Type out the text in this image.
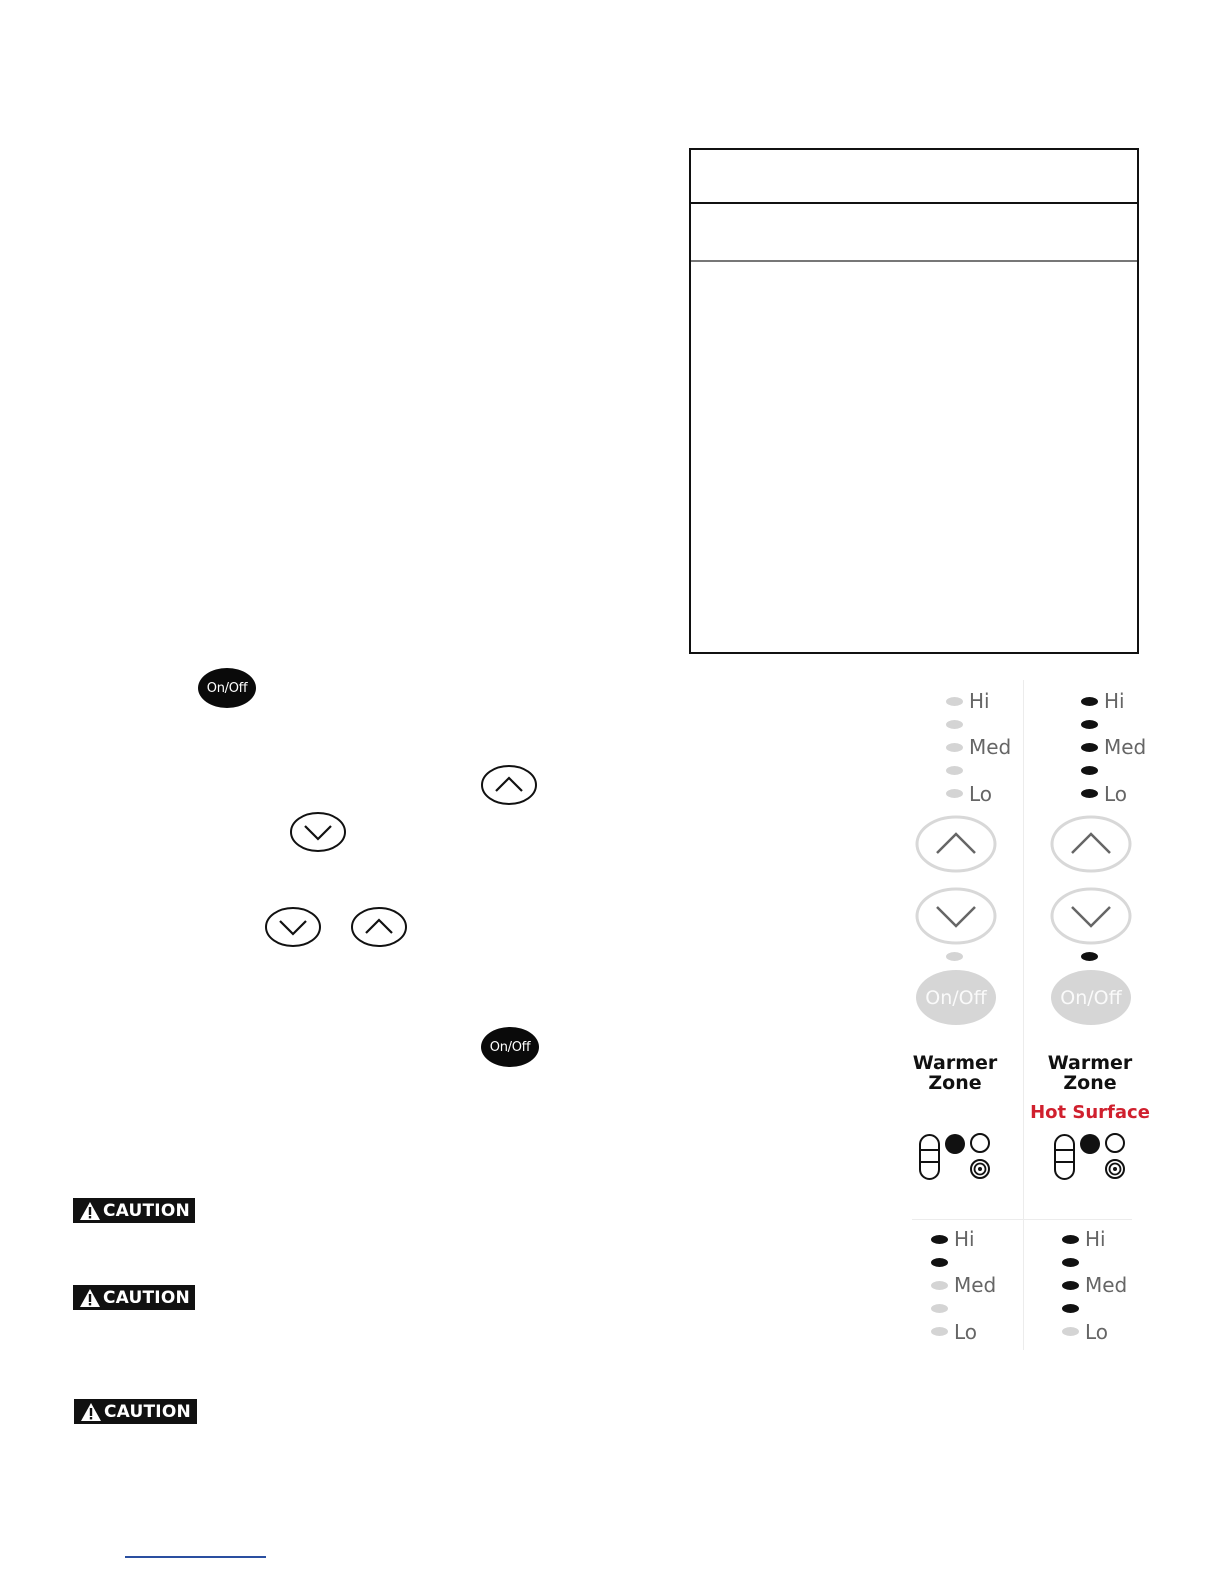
On/Off
On/Off
Hi
Med
Lo
On/Off
Warmer
Zone
Hi
Med
Lo
Hi
Med
Lo
On/Off
Warmer
Zone
Hot Surface
Hi
Med
Lo
CAUTION
CAUTION
CAUTION
